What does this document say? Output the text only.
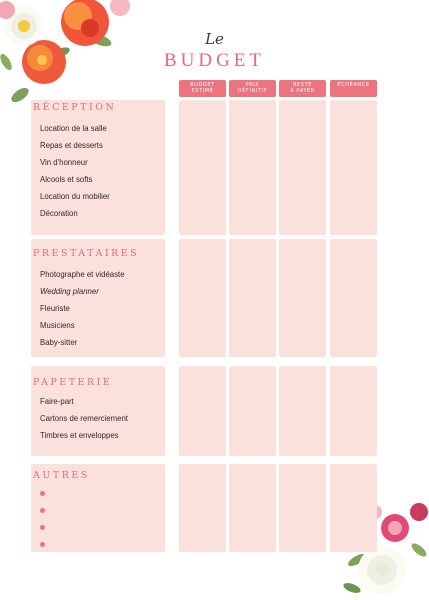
Le
BUDGET
BUDGET
ESTIMÉ
PRIX
DÉFINITIF
RESTE
À PAYER
ÉCHÉANCE
RÉCEPTION
Location de la salle
Repas et desserts
Vin d'honneur
Alcools et softs
Location du mobilier
Décoration
PRESTATAIRES
Photographe et vidéaste
Wedding planner
Fleuriste
Musiciens
Baby-sitter
PAPETERIE
Faire-part
Cartons de remerciement
Timbres et enveloppes
AUTRES
